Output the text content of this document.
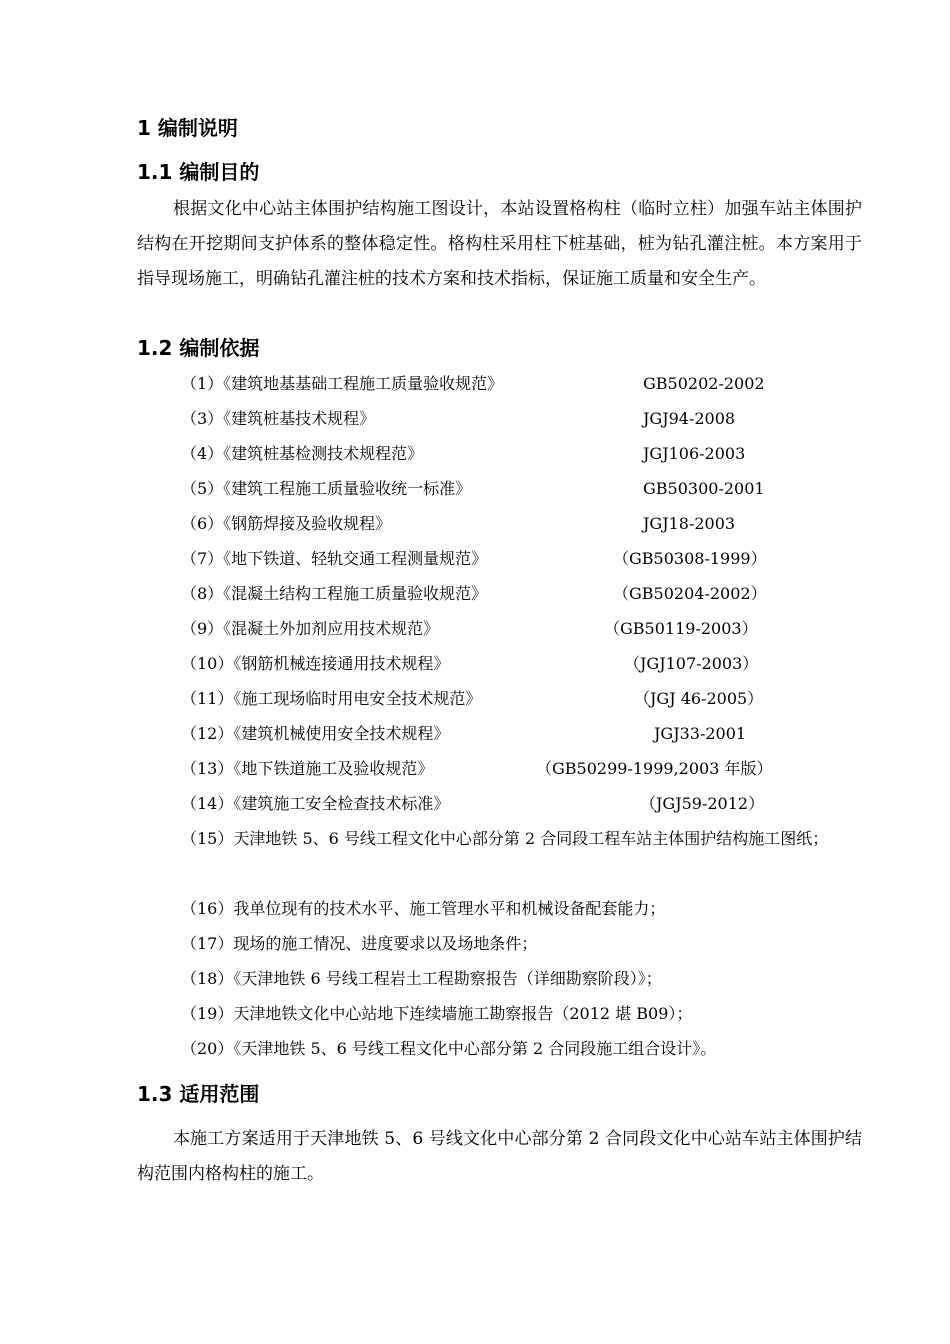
1 编制说明
1.1 编制目的
根据文化中心站主体围护结构施工图设计，本站设置格构柱（临时立柱）加强车站主体围护结构在开挖期间支护体系的整体稳定性。格构柱采用柱下桩基础，桩为钻孔灌注桩。本方案用于指导现场施工，明确钻孔灌注桩的技术方案和技术指标，保证施工质量和安全生产。
1.2 编制依据
（1）《建筑地基基础工程施工质量验收规范》	GB50202-2002
（3）《建筑桩基技术规程》	JGJ94-2008
（4）《建筑桩基检测技术规程范》	JGJ106-2003
（5）《建筑工程施工质量验收统一标准》	GB50300-2001
（6）《钢筋焊接及验收规程》	JGJ18-2003
（7）《地下铁道、轻轨交通工程测量规范》	（GB50308-1999）
（8）《混凝土结构工程施工质量验收规范》	（GB50204-2002）
（9）《混凝土外加剂应用技术规范》	（GB50119-2003）
（10）《钢筋机械连接通用技术规程》	（JGJ107-2003）
（11）《施工现场临时用电安全技术规范》	（JGJ 46-2005）
（12）《建筑机械使用安全技术规程》	JGJ33-2001
（13）《地下铁道施工及验收规范》	（GB50299-1999,2003 年版）
（14）《建筑施工安全检查技术标准》	（JGJ59-2012）
（15）天津地铁 5、6 号线工程文化中心部分第 2 合同段工程车站主体围护结构施工图纸；
（16）我单位现有的技术水平、施工管理水平和机械设备配套能力；
（17）现场的施工情况、进度要求以及场地条件；
（18）《天津地铁 6 号线工程岩土工程勘察报告（详细勘察阶段）》；
（19）天津地铁文化中心站地下连续墙施工勘察报告（2012 堪 B09）；
（20）《天津地铁 5、6 号线工程文化中心部分第 2 合同段施工组合设计》。
1.3 适用范围
本施工方案适用于天津地铁 5、6 号线文化中心部分第 2 合同段文化中心站车站主体围护结构范围内格构柱的施工。
